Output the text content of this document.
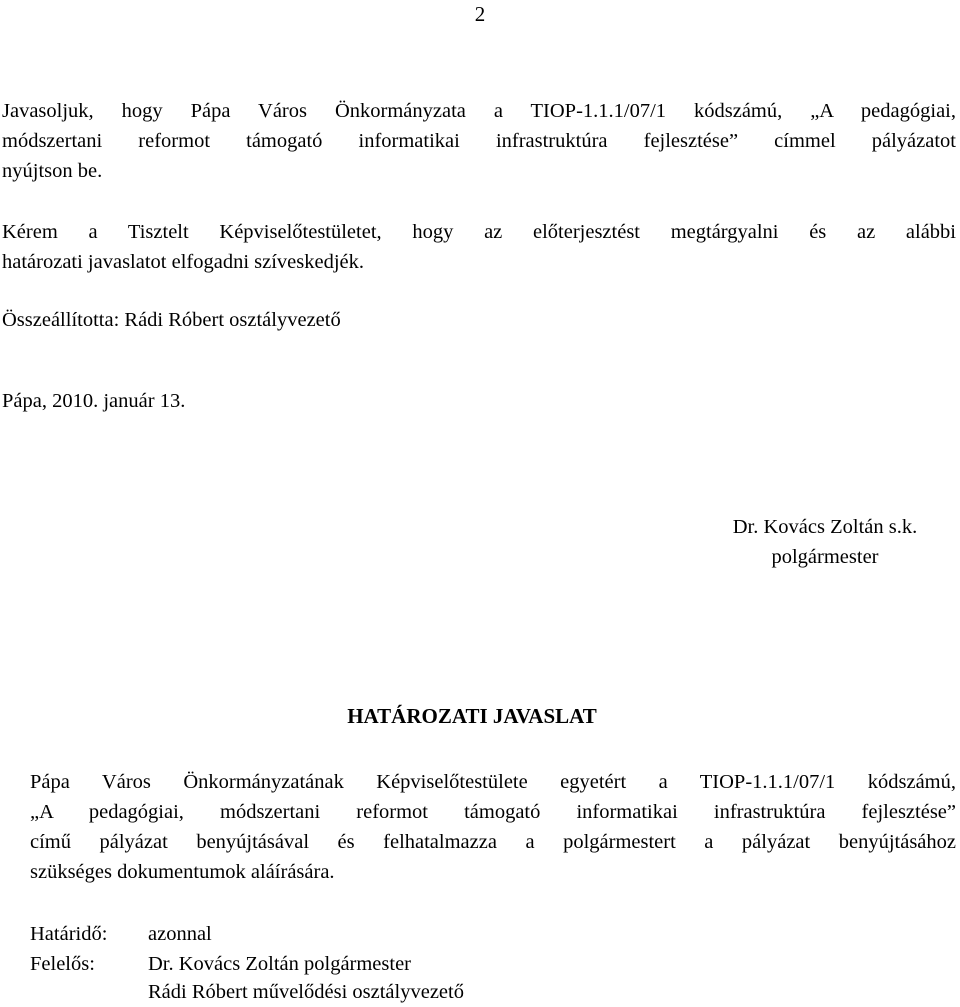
2
Javasoljuk, hogy Pápa Város Önkormányzata a TIOP-1.1.1/07/1 kódszámú, „A pedagógiai,
módszertani reformot támogató informatikai infrastruktúra fejlesztése” címmel pályázatot
nyújtson be.
Kérem a Tisztelt Képviselőtestületet, hogy az előterjesztést megtárgyalni és az alábbi
határozati javaslatot elfogadni szíveskedjék.
Összeállította: Rádi Róbert osztályvezető
Pápa, 2010. január 13.
Dr. Kovács Zoltán s.k.
polgármester
HATÁROZATI JAVASLAT
Pápa Város Önkormányzatának Képviselőtestülete egyetért a TIOP-1.1.1/07/1 kódszámú,
„A pedagógiai, módszertani reformot támogató informatikai infrastruktúra fejlesztése”
című pályázat benyújtásával és felhatalmazza a polgármestert a pályázat benyújtásához
szükséges dokumentumok aláírására.
Határidő: azonnal
Felelős:	Dr. Kovács Zoltán polgármester
Rádi Róbert művelődési osztályvezető
